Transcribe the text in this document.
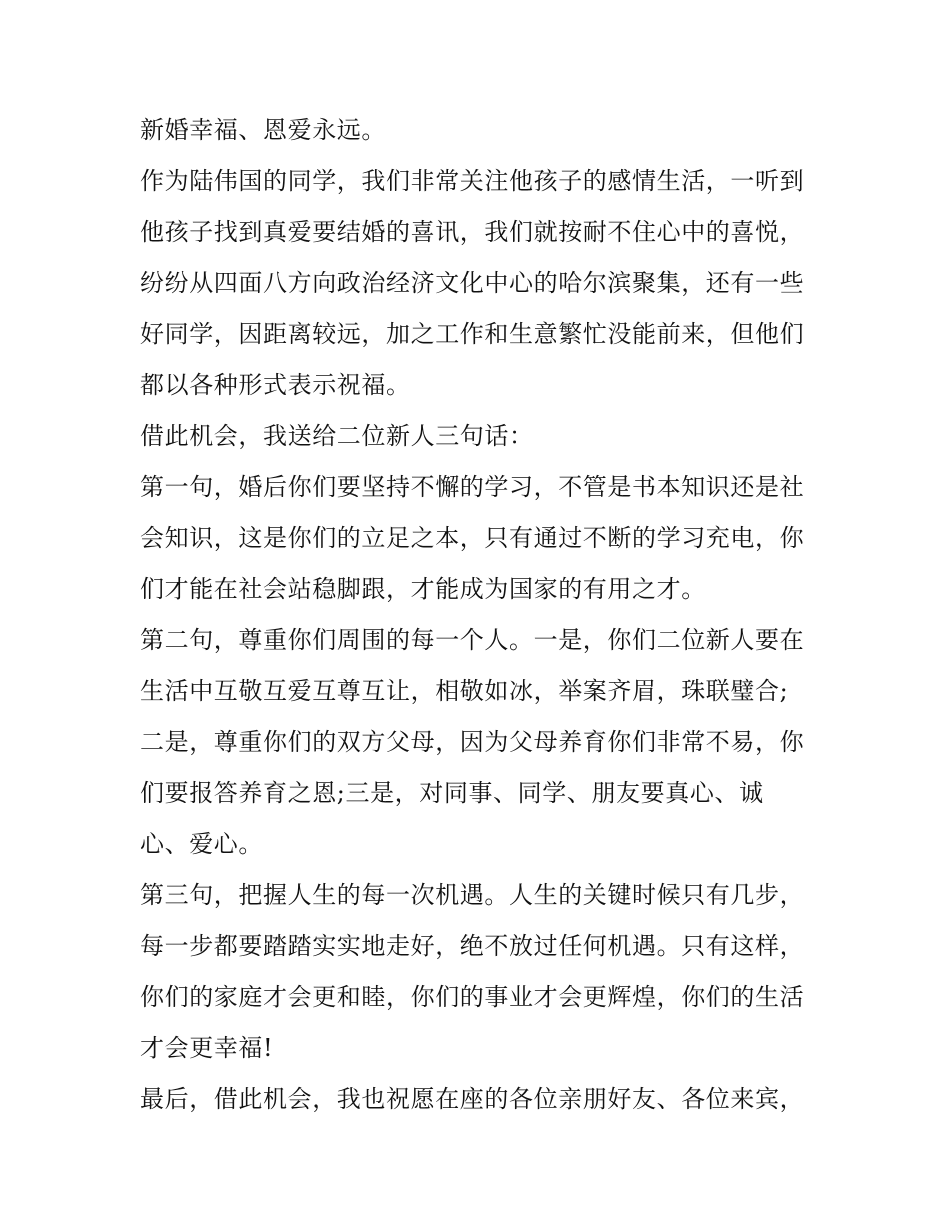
新婚幸福、恩爱永远。
作为陆伟国的同学，我们非常关注他孩子的感情生活，一听到
他孩子找到真爱要结婚的喜讯，我们就按耐不住心中的喜悦，
纷纷从四面八方向政治经济文化中心的哈尔滨聚集，还有一些
好同学，因距离较远，加之工作和生意繁忙没能前来，但他们
都以各种形式表示祝福。
借此机会，我送给二位新人三句话：
第一句，婚后你们要坚持不懈的学习，不管是书本知识还是社
会知识，这是你们的立足之本，只有通过不断的学习充电，你
们才能在社会站稳脚跟，才能成为国家的有用之才。
第二句，尊重你们周围的每一个人。一是，你们二位新人要在
生活中互敬互爱互尊互让，相敬如冰，举案齐眉，珠联璧合;
二是，尊重你们的双方父母，因为父母养育你们非常不易，你
们要报答养育之恩;三是，对同事、同学、朋友要真心、诚
心、爱心。
第三句，把握人生的每一次机遇。人生的关键时候只有几步，
每一步都要踏踏实实地走好，绝不放过任何机遇。只有这样，
你们的家庭才会更和睦，你们的事业才会更辉煌，你们的生活
才会更幸福!
最后，借此机会，我也祝愿在座的各位亲朋好友、各位来宾，
